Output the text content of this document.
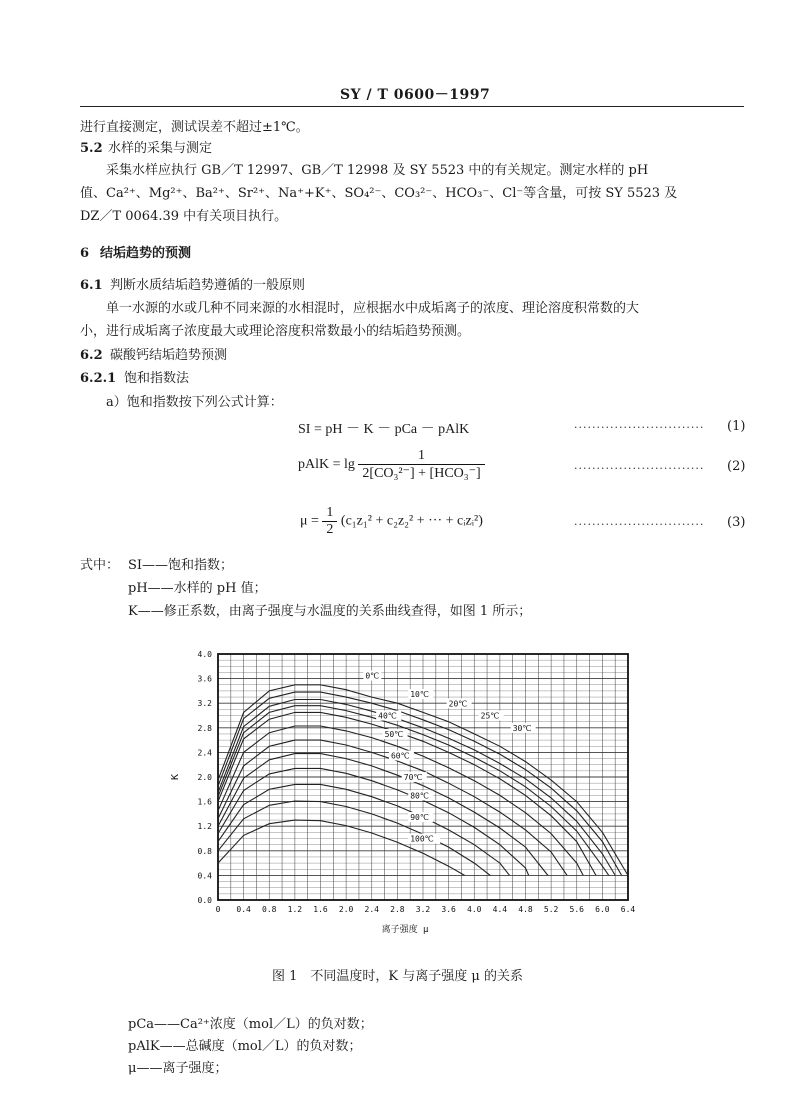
SY / T 0600－1997
进行直接测定，测试误差不超过±1℃。
5.2 水样的采集与测定
采集水样应执行 GB／T 12997、GB／T 12998 及 SY 5523 中的有关规定。测定水样的 pH
值、Ca²⁺、Mg²⁺、Ba²⁺、Sr²⁺、Na⁺+K⁺、SO₄²⁻、CO₃²⁻、HCO₃⁻、Cl⁻等含量，可按 SY 5523 及
DZ／T 0064.39 中有关项目执行。
6 结垢趋势的预测
6.1 判断水质结垢趋势遵循的一般原则
单一水源的水或几种不同来源的水相混时，应根据水中成垢离子的浓度、理论溶度积常数的大
小，进行成垢离子浓度最大或理论溶度积常数最小的结垢趋势预测。
6.2 碳酸钙结垢趋势预测
6.2.1 饱和指数法
a）饱和指数按下列公式计算：
SI = pH － K － pCa － pAlK	····························· (1)
pAlK = $\lg \frac{1}{\text{2[CO₃²⁻] + [HCO₃⁻]}}$	····························· (2)
$\mu = \frac{1}{2} (c_1z_1^2 + c_2z_2^2$ + ··· + cᵢzᵢ²)	····························· (3)
式中： SI——饱和指数；
pH——水样的 pH 值；
K——修正系数，由离子强度与水温度的关系曲线查得，如图 1 所示；
0 0.4 0.8 1.2 1.6 2.0 2.4 2.8 3.2 3.6 4.0 4.4 4.8 5.2 5.6 6.0 6.4
0.0
0.4
0.8
1.2
1.6
2.0
2.4
2.8
3.2
3.6
4.0
K
离子强度 μ
0℃
10℃
20℃
25℃
30℃
40℃
50℃
60℃
70℃
80℃
90℃
100℃
图 1　不同温度时，K 与离子强度 μ 的关系
pCa——Ca²⁺浓度（mol／L）的负对数；
pAlK——总碱度（mol／L）的负对数；
μ——离子强度；
